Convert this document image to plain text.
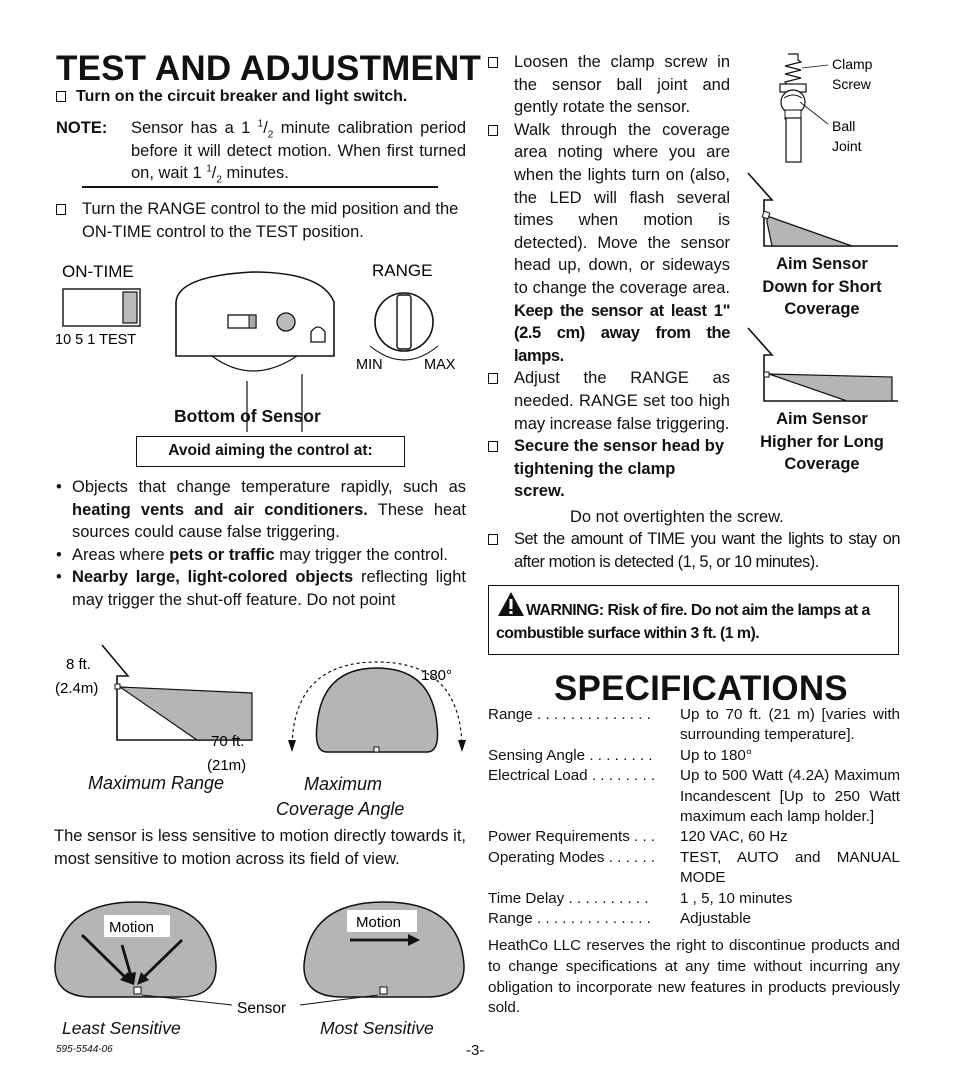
TEST AND ADJUSTMENT
Turn on the circuit breaker and light switch.
NOTE: Sensor has a 1 $^1/_2$ minute calibration period before it will detect motion. When first turned on, wait 1 $^1/_2$ minutes.

Turn the RANGE control to the mid position and the ON-TIME control to the TEST position.

ON-TIME	RANGE
10 5 1 TEST
MIN	MAX
Bottom of Sensor
Avoid aiming the control at:
• Objects that change temperature rapidly, such as heating vents and air conditioners. These heat sources could cause false triggering.
• Areas where pets or traffic may trigger the control.
• Nearby large, light-colored objects reflecting light may trigger the shut-off feature. Do not point
8 ft.
(2.4m)
70 ft.
(21m)
180°
Maximum Range	Maximum
Coverage Angle

The sensor is less sensitive to motion directly towards it, most sensitive to motion across its field of view.

Motion	Motion
Sensor
Least Sensitive	Most Sensitive
595-5544-06	-3-

Loosen the clamp screw in the sensor ball joint and gently rotate the sensor.

Walk through the coverage area noting where you are when the lights turn on (also, the LED will flash several times when motion is detected). Move the sensor head up, down, or sideways to change the coverage area. Keep the sensor at least 1" (2.5 cm) away from the lamps.

Adjust the RANGE as needed. RANGE set too high may increase false triggering.

Secure the sensor head by tightening the clamp screw.

Do not overtighten the screw.

Set the amount of TIME you want the lights to stay on after motion is detected (1, 5, or 10 minutes).

Clamp
Screw
Ball
Joint
Aim Sensor
Down for Short
Coverage
Aim Sensor
Higher for Long
Coverage
WARNING: Risk of fire. Do not aim the lamps at a combustible surface within 3 ft. (1 m).
SPECIFICATIONS
Range . . . . . . . . . . . . . .	Up to 70 ft. (21 m) [varies with surrounding temperature].
Sensing Angle . . . . . . . .	Up to 180°
Electrical Load . . . . . . . .	Up to 500 Watt (4.2A) Maximum Incandescent [Up to 250 Watt maximum each lamp holder.]
Power Requirements . . .	120 VAC, 60 Hz
Operating Modes . . . . . .	TEST, AUTO and MANUAL MODE
Time Delay . . . . . . . . . .	1 , 5, 10 minutes
Range . . . . . . . . . . . . . .	Adjustable

HeathCo LLC reserves the right to discontinue products and to change specifications at any time without incurring any obligation to incorporate new features in products previously sold.
